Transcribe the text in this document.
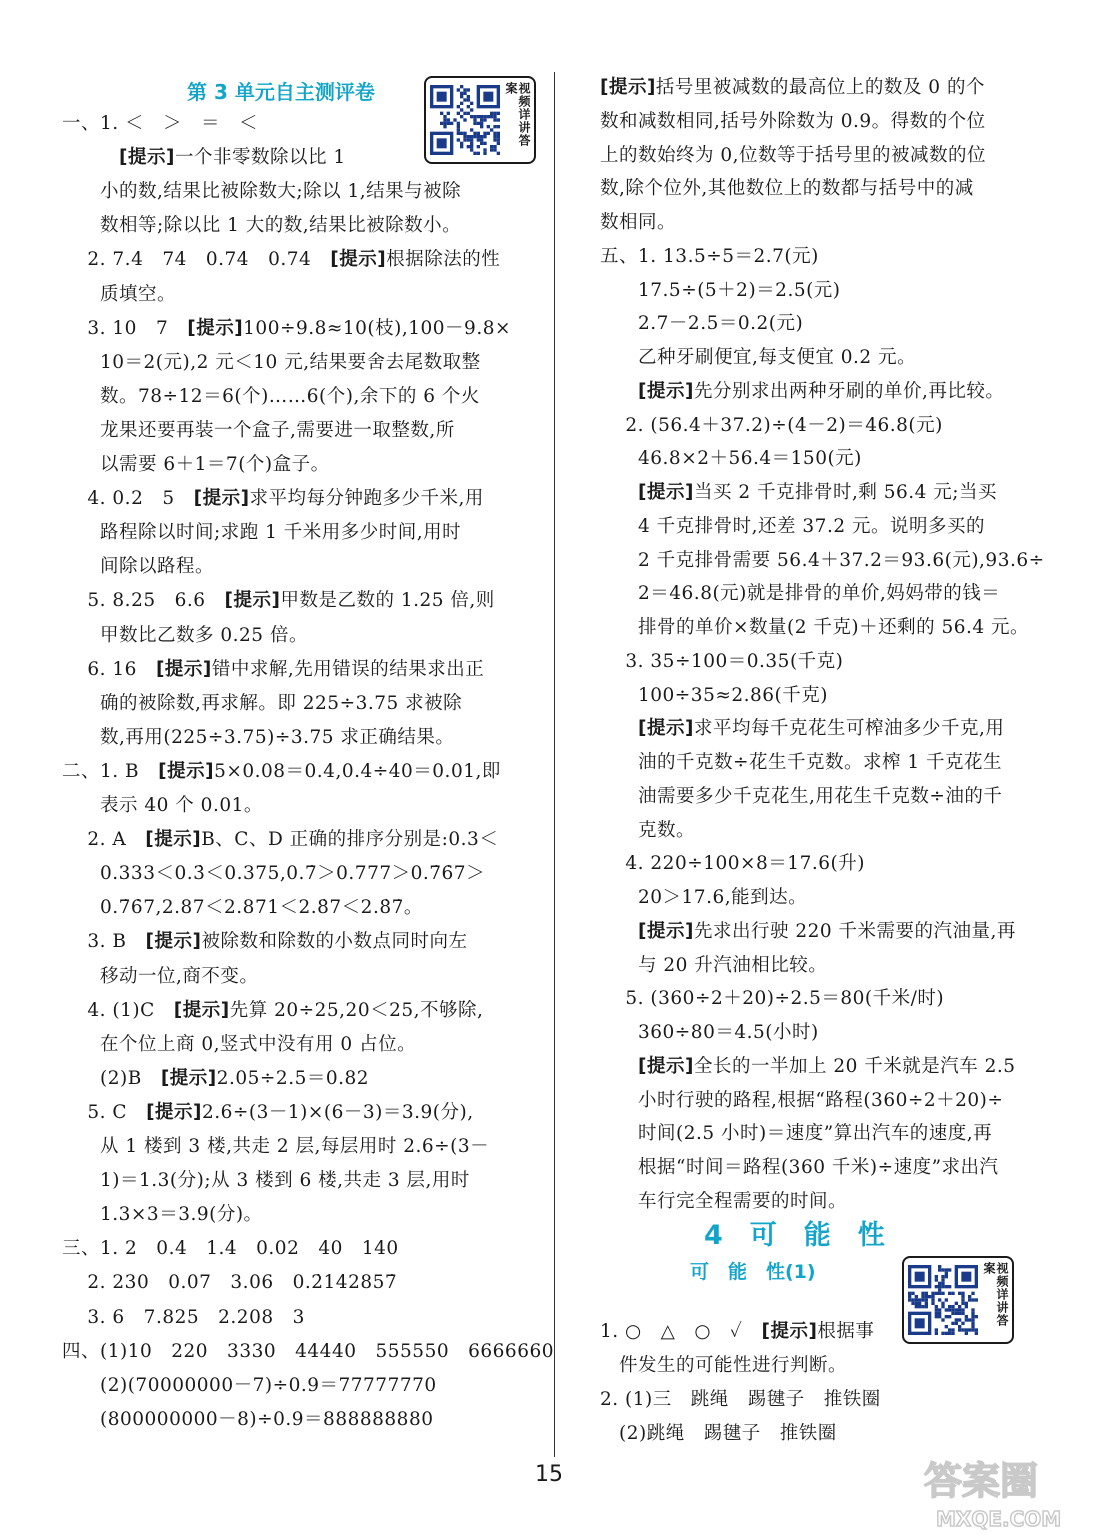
第 3 单元自主测评卷
一、1. ＜　＞　＝　＜
　　　[提示]一个非零数除以比 1
　　小的数,结果比被除数大;除以 1,结果与被除
　　数相等;除以比 1 大的数,结果比被除数小。
　 2. 7.4　74　0.74　0.74　[提示]根据除法的性
　　质填空。
　 3. 10　7　[提示]100÷9.8≈10(枝),100－9.8×
　　10＝2(元),2 元＜10 元,结果要舍去尾数取整
　　数。78÷12＝6(个)……6(个),余下的 6 个火
　　龙果还要再装一个盒子,需要进一取整数,所
　　以需要 6＋1＝7(个)盒子。
　 4. 0.2　5　[提示]求平均每分钟跑多少千米,用
　　路程除以时间;求跑 1 千米用多少时间,用时
　　间除以路程。
　 5. 8.25　6.6　[提示]甲数是乙数的 1.25 倍,则
　　甲数比乙数多 0.25 倍。
　 6. 16　[提示]错中求解,先用错误的结果求出正
　　确的被除数,再求解。即 225÷3.75 求被除
　　数,再用(225÷3.75)÷3.75 求正确结果。
二、1. B　[提示]5×0.08＝0.4,0.4÷40＝0.01,即
　　表示 40 个 0.01。
　 2. A　[提示]B、C、D 正确的排序分别是:0.3＜
　　0.333＜0.3̇＜0.375,0.7̇＞0.777＞0.7̇6̇7＞
　　0.7̇6̇7,2.87＜2.871＜2.8̇7＜2.8̇7̇。
　 3. B　[提示]被除数和除数的小数点同时向左
　　移动一位,商不变。
　 4. (1)C　[提示]先算 20÷25,20＜25,不够除,
　　在个位上商 0,竖式中没有用 0 占位。
　　(2)B　[提示]2.05÷2.5＝0.82
　 5. C　[提示]2.6÷(3－1)×(6－3)＝3.9(分),
　　从 1 楼到 3 楼,共走 2 层,每层用时 2.6÷(3－
　　1)＝1.3(分);从 3 楼到 6 楼,共走 3 层,用时
　　1.3×3＝3.9(分)。
三、1. 2　0.4　1.4　0.02　40　140
　 2. 230　0.07　3.06　0.2̇142857̇
　 3. 6　7.825　2.208　3
四、(1)10　220　3330　44440　555550　6666660
　　(2)(70000000－7)÷0.9＝77777770
　　(800000000－8)÷0.9＝888888880
视频详讲答案	[提示]括号里被减数的最高位上的数及 0 的个
数和减数相同,括号外除数为 0.9。得数的个位
上的数始终为 0,位数等于括号里的被减数的位
数,除个位外,其他数位上的数都与括号中的减
数相同。
五、1. 13.5÷5＝2.7(元)
　　17.5÷(5＋2)＝2.5(元)
　　2.7－2.5＝0.2(元)
　　乙种牙刷便宜,每支便宜 0.2 元。
　　[提示]先分别求出两种牙刷的单价,再比较。
　 2. (56.4＋37.2)÷(4－2)＝46.8(元)
　　46.8×2＋56.4＝150(元)
　　[提示]当买 2 千克排骨时,剩 56.4 元;当买
　　4 千克排骨时,还差 37.2 元。说明多买的
　　2 千克排骨需要 56.4＋37.2＝93.6(元),93.6÷
　　2＝46.8(元)就是排骨的单价,妈妈带的钱＝
　　排骨的单价×数量(2 千克)＋还剩的 56.4 元。
　 3. 35÷100＝0.35(千克)
　　100÷35≈2.86(千克)
　　[提示]求平均每千克花生可榨油多少千克,用
　　油的千克数÷花生千克数。求榨 1 千克花生
　　油需要多少千克花生,用花生千克数÷油的千
　　克数。
　 4. 220÷100×8＝17.6(升)
　　20＞17.6,能到达。
　　[提示]先求出行驶 220 千米需要的汽油量,再
　　与 20 升汽油相比较。
　 5. (360÷2＋20)÷2.5＝80(千米/时)
　　360÷80＝4.5(小时)
　　[提示]全长的一半加上 20 千米就是汽车 2.5
　　小时行驶的路程,根据“路程(360÷2＋20)÷
　　时间(2.5 小时)＝速度”算出汽车的速度,再
　　根据“时间＝路程(360 千米)÷速度”求出汽
　　车行完全程需要的时间。
4　可　能　性
可　能　性(1)
1. ○　△　○　✓　[提示]根据事
　件发生的可能性进行判断。
2. (1)三　跳绳　踢毽子　推铁圈
　(2)跳绳　踢毽子　推铁圈
视频详讲答案
15	答案圈
MXQE.COM
